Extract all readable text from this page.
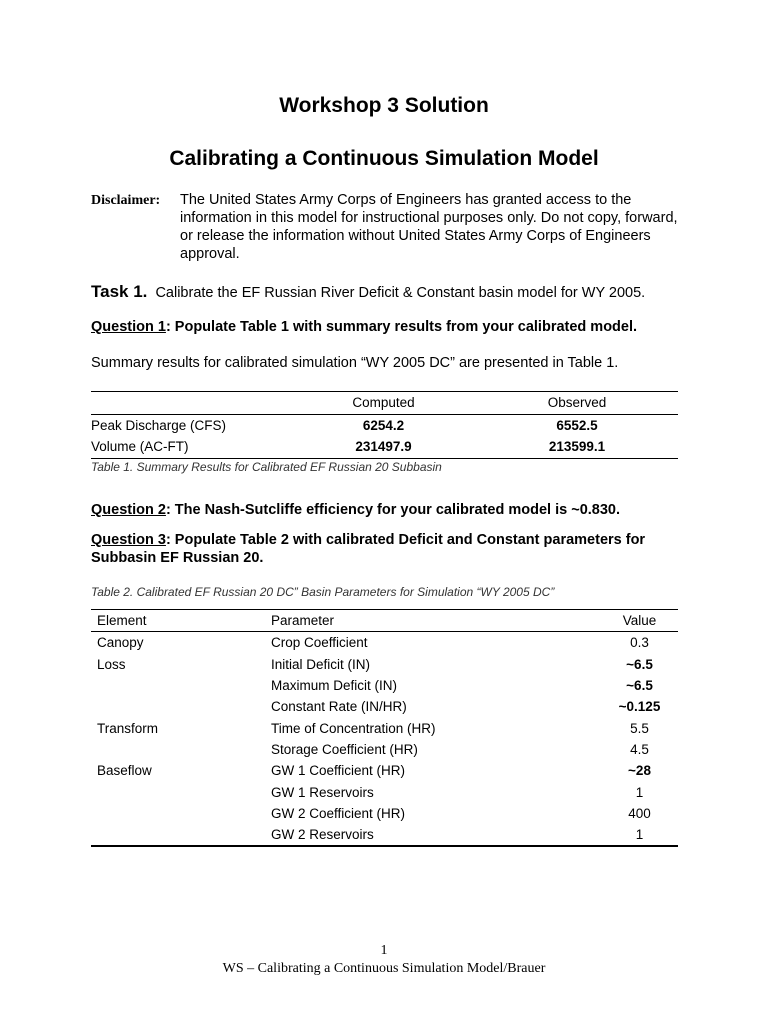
Workshop 3 Solution
Calibrating a Continuous Simulation Model
Disclaimer: The United States Army Corps of Engineers has granted access to the information in this model for instructional purposes only. Do not copy, forward, or release the information without United States Army Corps of Engineers approval.
Task 1. Calibrate the EF Russian River Deficit & Constant basin model for WY 2005.
Question 1: Populate Table 1 with summary results from your calibrated model.
Summary results for calibrated simulation “WY 2005 DC” are presented in Table 1.
	Computed	Observed
Peak Discharge (CFS)	6254.2	6552.5
Volume (AC-FT)	231497.9	213599.1
Table 1. Summary Results for Calibrated EF Russian 20 Subbasin
Question 2: The Nash-Sutcliffe efficiency for your calibrated model is ~0.830.
Question 3: Populate Table 2 with calibrated Deficit and Constant parameters for Subbasin EF Russian 20.
Table 2. Calibrated EF Russian 20 DC” Basin Parameters for Simulation “WY 2005 DC”
Element	Parameter	Value
Canopy	Crop Coefficient	0.3
Loss	Initial Deficit (IN)	~6.5
	Maximum Deficit (IN)	~6.5
	Constant Rate (IN/HR)	~0.125
Transform	Time of Concentration (HR)	5.5
	Storage Coefficient (HR)	4.5
Baseflow	GW 1 Coefficient (HR)	~28
	GW 1 Reservoirs	1
	GW 2 Coefficient (HR)	400
	GW 2 Reservoirs	1
1
WS – Calibrating a Continuous Simulation Model/Brauer
